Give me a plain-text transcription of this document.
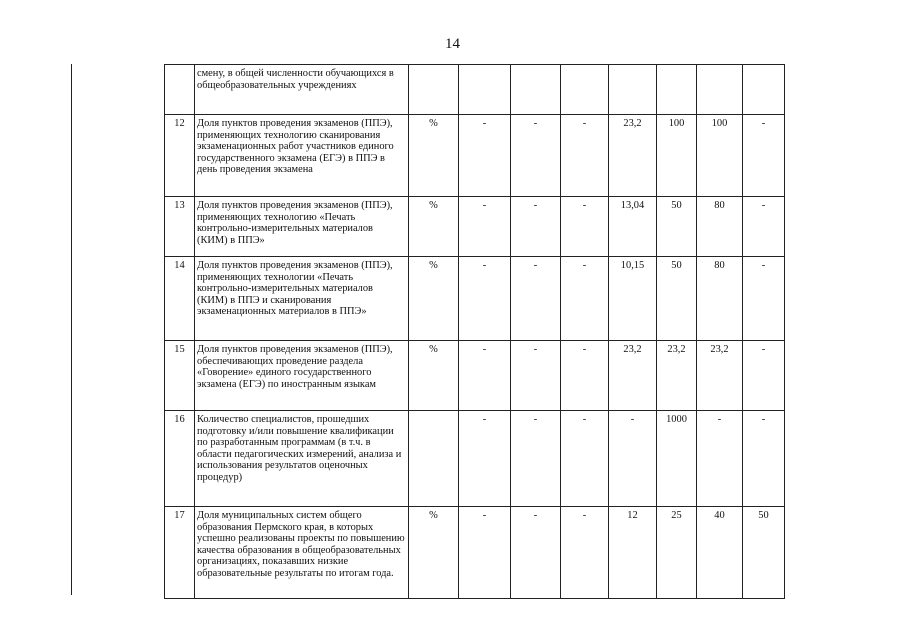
14
	смену, в общей численности обучающихся в общеобразовательных учреждениях								
12	Доля пунктов проведения экзаменов (ППЭ), применяющих технологию сканирования экзаменационных работ участников единого государственного экзамена (ЕГЭ) в ППЭ в день проведения экзамена	%	-	-	-	23,2	100	100	-
13	Доля пунктов проведения экзаменов (ППЭ), применяющих технологию «Печать контрольно-измерительных материалов (КИМ) в ППЭ»	%	-	-	-	13,04	50	80	-
14	Доля пунктов проведения экзаменов (ППЭ), применяющих технологии «Печать контрольно-измерительных материалов (КИМ) в ППЭ и сканирования экзаменационных материалов в ППЭ»	%	-	-	-	10,15	50	80	-
15	Доля пунктов проведения экзаменов (ППЭ), обеспечивающих проведение раздела «Говорение» единого государственного экзамена (ЕГЭ) по иностранным языкам	%	-	-	-	23,2	23,2	23,2	-
16	Количество специалистов, прошедших подготовку и/или повышение квалификации по разработанным программам (в т.ч. в области педагогических измерений, анализа и использования результатов оценочных процедур)		-	-	-	-	1000	-	-
17	Доля муниципальных систем общего образования Пермского края, в которых успешно реализованы проекты по повышению качества образования в общеобразовательных организациях, показавших низкие образовательные результаты по итогам года.	%	-	-	-	12	25	40	50
